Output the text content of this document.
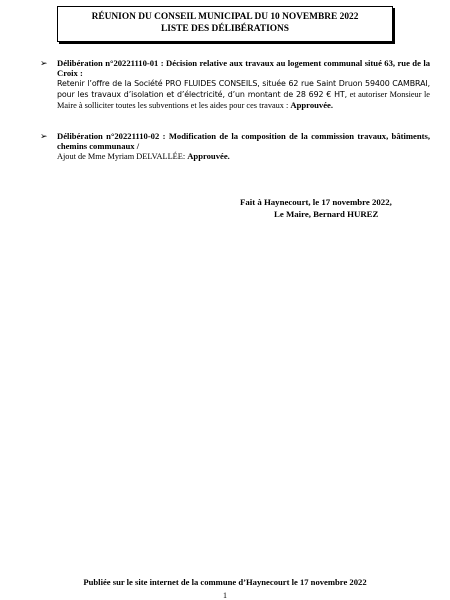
RÉUNION DU CONSEIL MUNICIPAL DU 10 NOVEMBRE 2022
LISTE DES DÉLIBÉRATIONS
➢ Délibération n°20221110-01 : Décision relative aux travaux au logement communal situé 63, rue de la Croix :
Retenir l’offre de la Société PRO FLUIDES CONSEILS, située 62 rue Saint Druon 59400 CAMBRAI, pour les travaux d’isolation et d’électricité, d’un montant de 28 692 € HT, et autoriser Monsieur le Maire à solliciter toutes les subventions et les aides pour ces travaux : Approuvée.
➢ Délibération n°20221110-02 : Modification de la composition de la commission travaux, bâtiments, chemins communaux /
Ajout de Mme Myriam DELVALLÉE: Approuvée.
Fait à Haynecourt, le 17 novembre 2022,
Le Maire, Bernard HUREZ
Publiée sur le site internet de la commune d’Haynecourt le 17 novembre 2022
1
